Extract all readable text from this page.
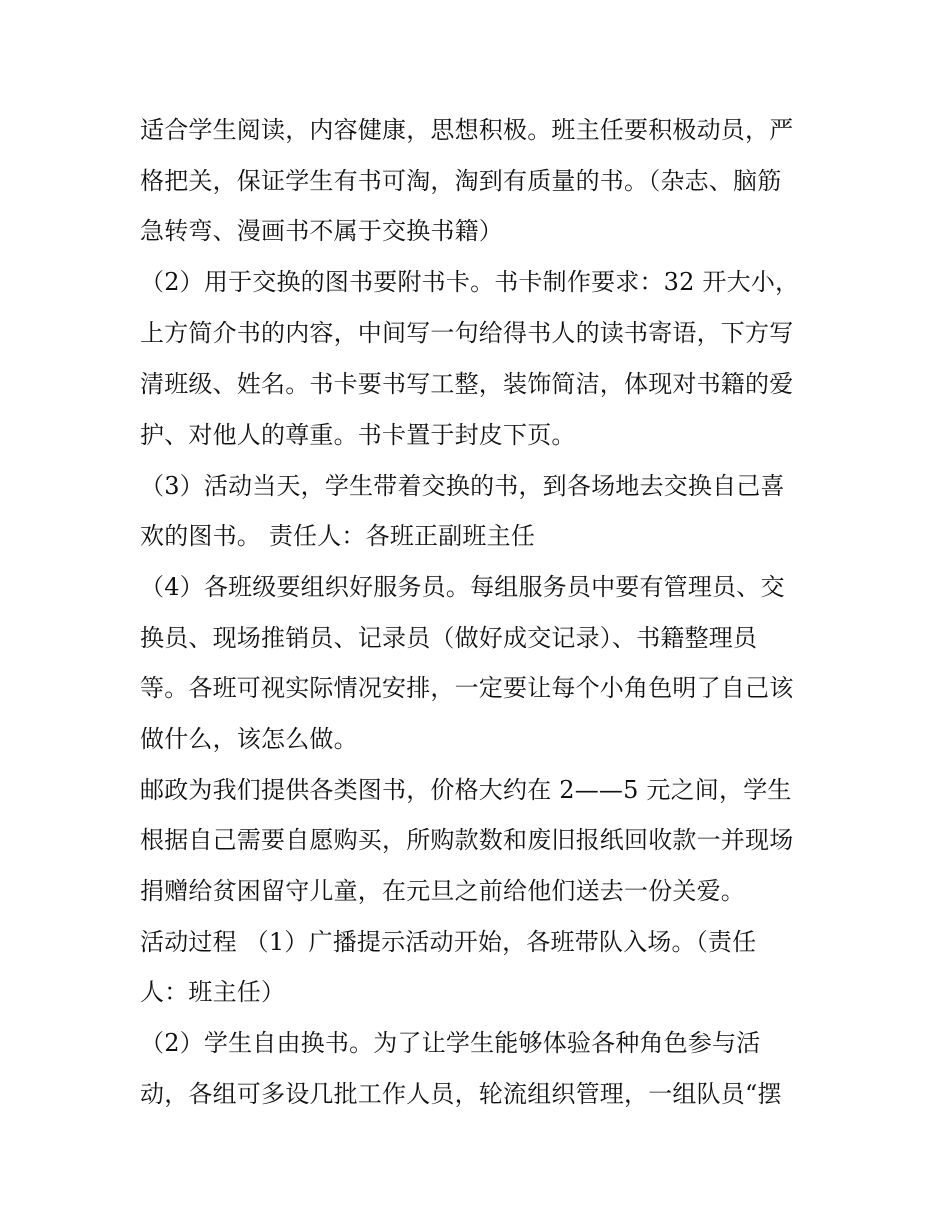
适合学生阅读，内容健康，思想积极。班主任要积极动员，严
格把关，保证学生有书可淘，淘到有质量的书。（杂志、脑筋
急转弯、漫画书不属于交换书籍）
（2）用于交换的图书要附书卡。书卡制作要求：32 开大小，
上方简介书的内容，中间写一句给得书人的读书寄语，下方写
清班级、姓名。书卡要书写工整，装饰简洁，体现对书籍的爱
护、对他人的尊重。书卡置于封皮下页。
（3）活动当天，学生带着交换的书，到各场地去交换自己喜
欢的图书。 责任人：各班正副班主任
（4）各班级要组织好服务员。每组服务员中要有管理员、交
换员、现场推销员、记录员（做好成交记录）、书籍整理员
等。各班可视实际情况安排，一定要让每个小角色明了自己该
做什么，该怎么做。
邮政为我们提供各类图书，价格大约在 2——5 元之间，学生
根据自己需要自愿购买，所购款数和废旧报纸回收款一并现场
捐赠给贫困留守儿童，在元旦之前给他们送去一份关爱。
活动过程 （1）广播提示活动开始，各班带队入场。（责任
人：班主任）
（2）学生自由换书。为了让学生能够体验各种角色参与活
动，各组可多设几批工作人员，轮流组织管理，一组队员“摆
